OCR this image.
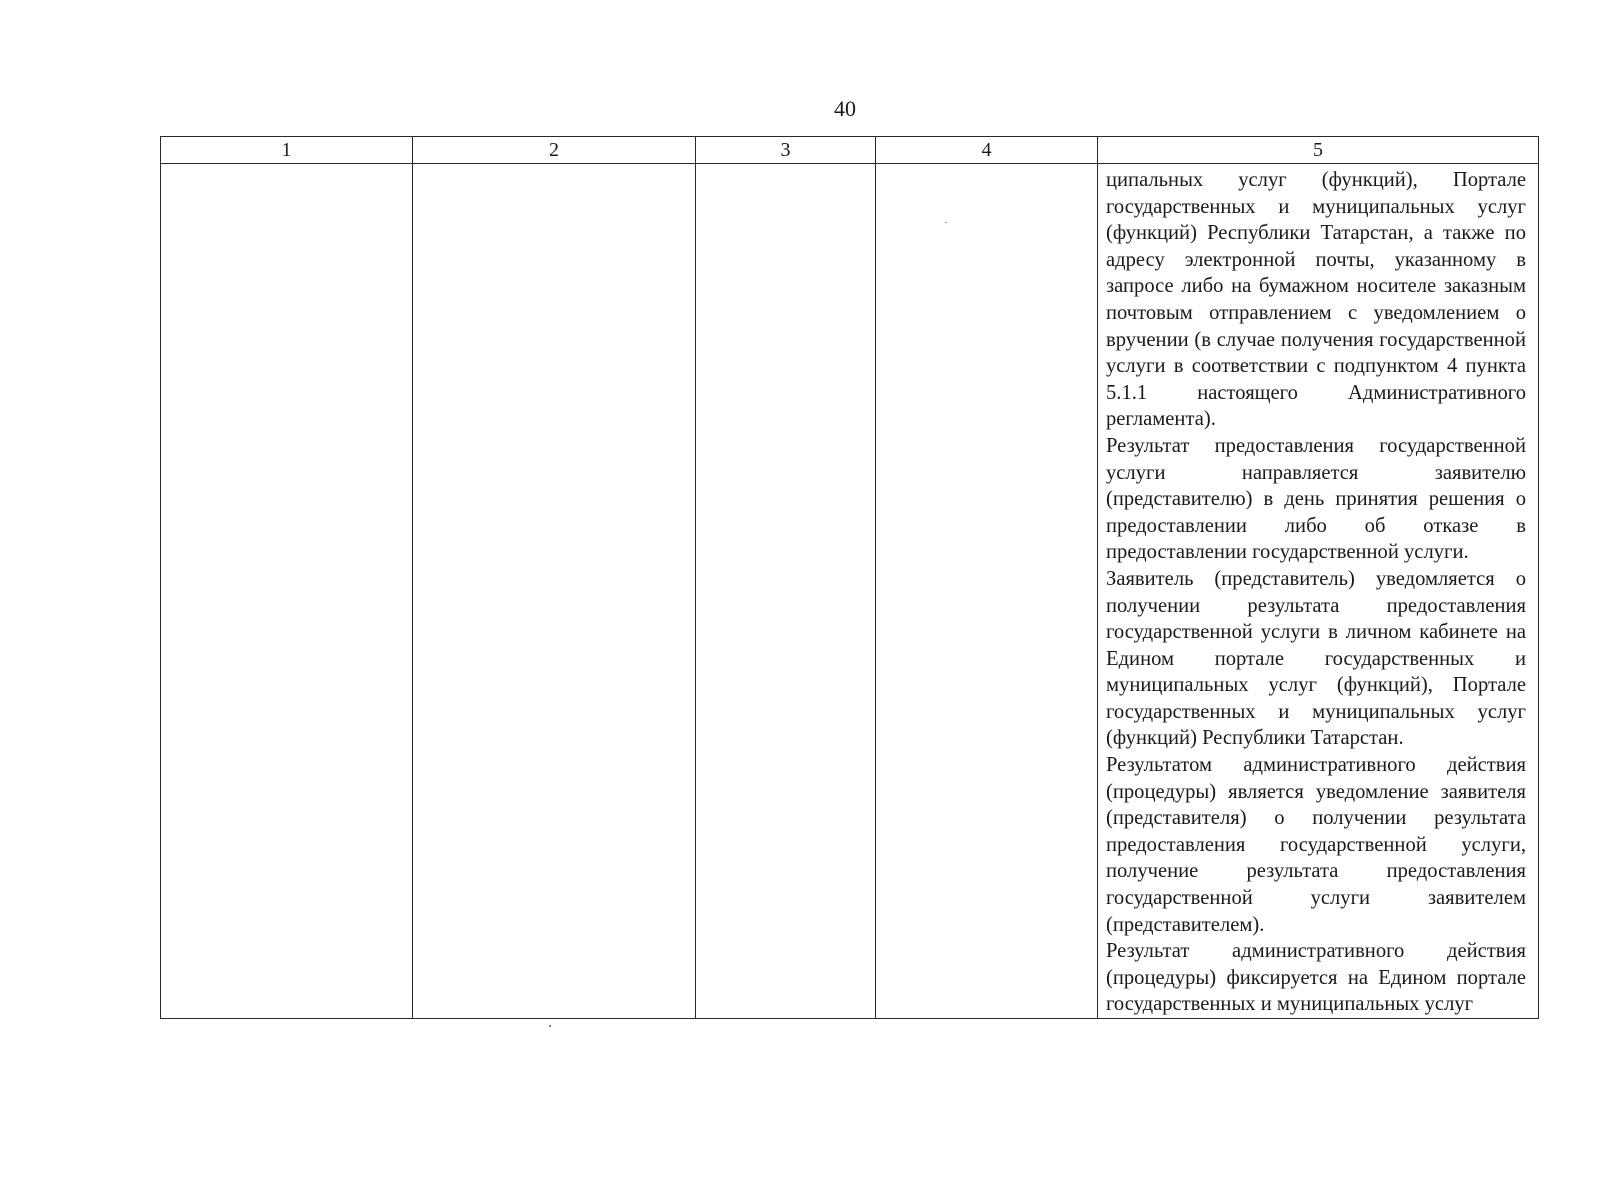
40
1	2	3	4	5

				ципальных услуг (функций), Портале государственных и муниципальных услуг (функций) Республики Татарстан, а также по адресу электронной почты, указанному в запросе либо на бумажном носителе заказным почтовым отправлением с уведомлением о вручении (в случае получения государственной услуги в соответствии с подпунктом 4 пункта 5.1.1 настоящего Административного регламента).

Результат предоставления государственной услуги направляется заявителю (представителю) в день принятия решения о предоставлении либо об отказе в предоставлении государственной услуги.

Заявитель (представитель) уведомляется о получении результата предоставления государственной услуги в личном кабинете на Едином портале государственных и муниципальных услуг (функций), Портале государственных и муниципальных услуг (функций) Республики Татарстан.

Результатом административного действия (процедуры) является уведомление заявителя (представителя) о получении результата предоставления государственной услуги, получение результата предоставления государственной услуги заявителем (представителем).

Результат административного действия (процедуры) фиксируется на Едином портале государственных и муниципальных услуг
